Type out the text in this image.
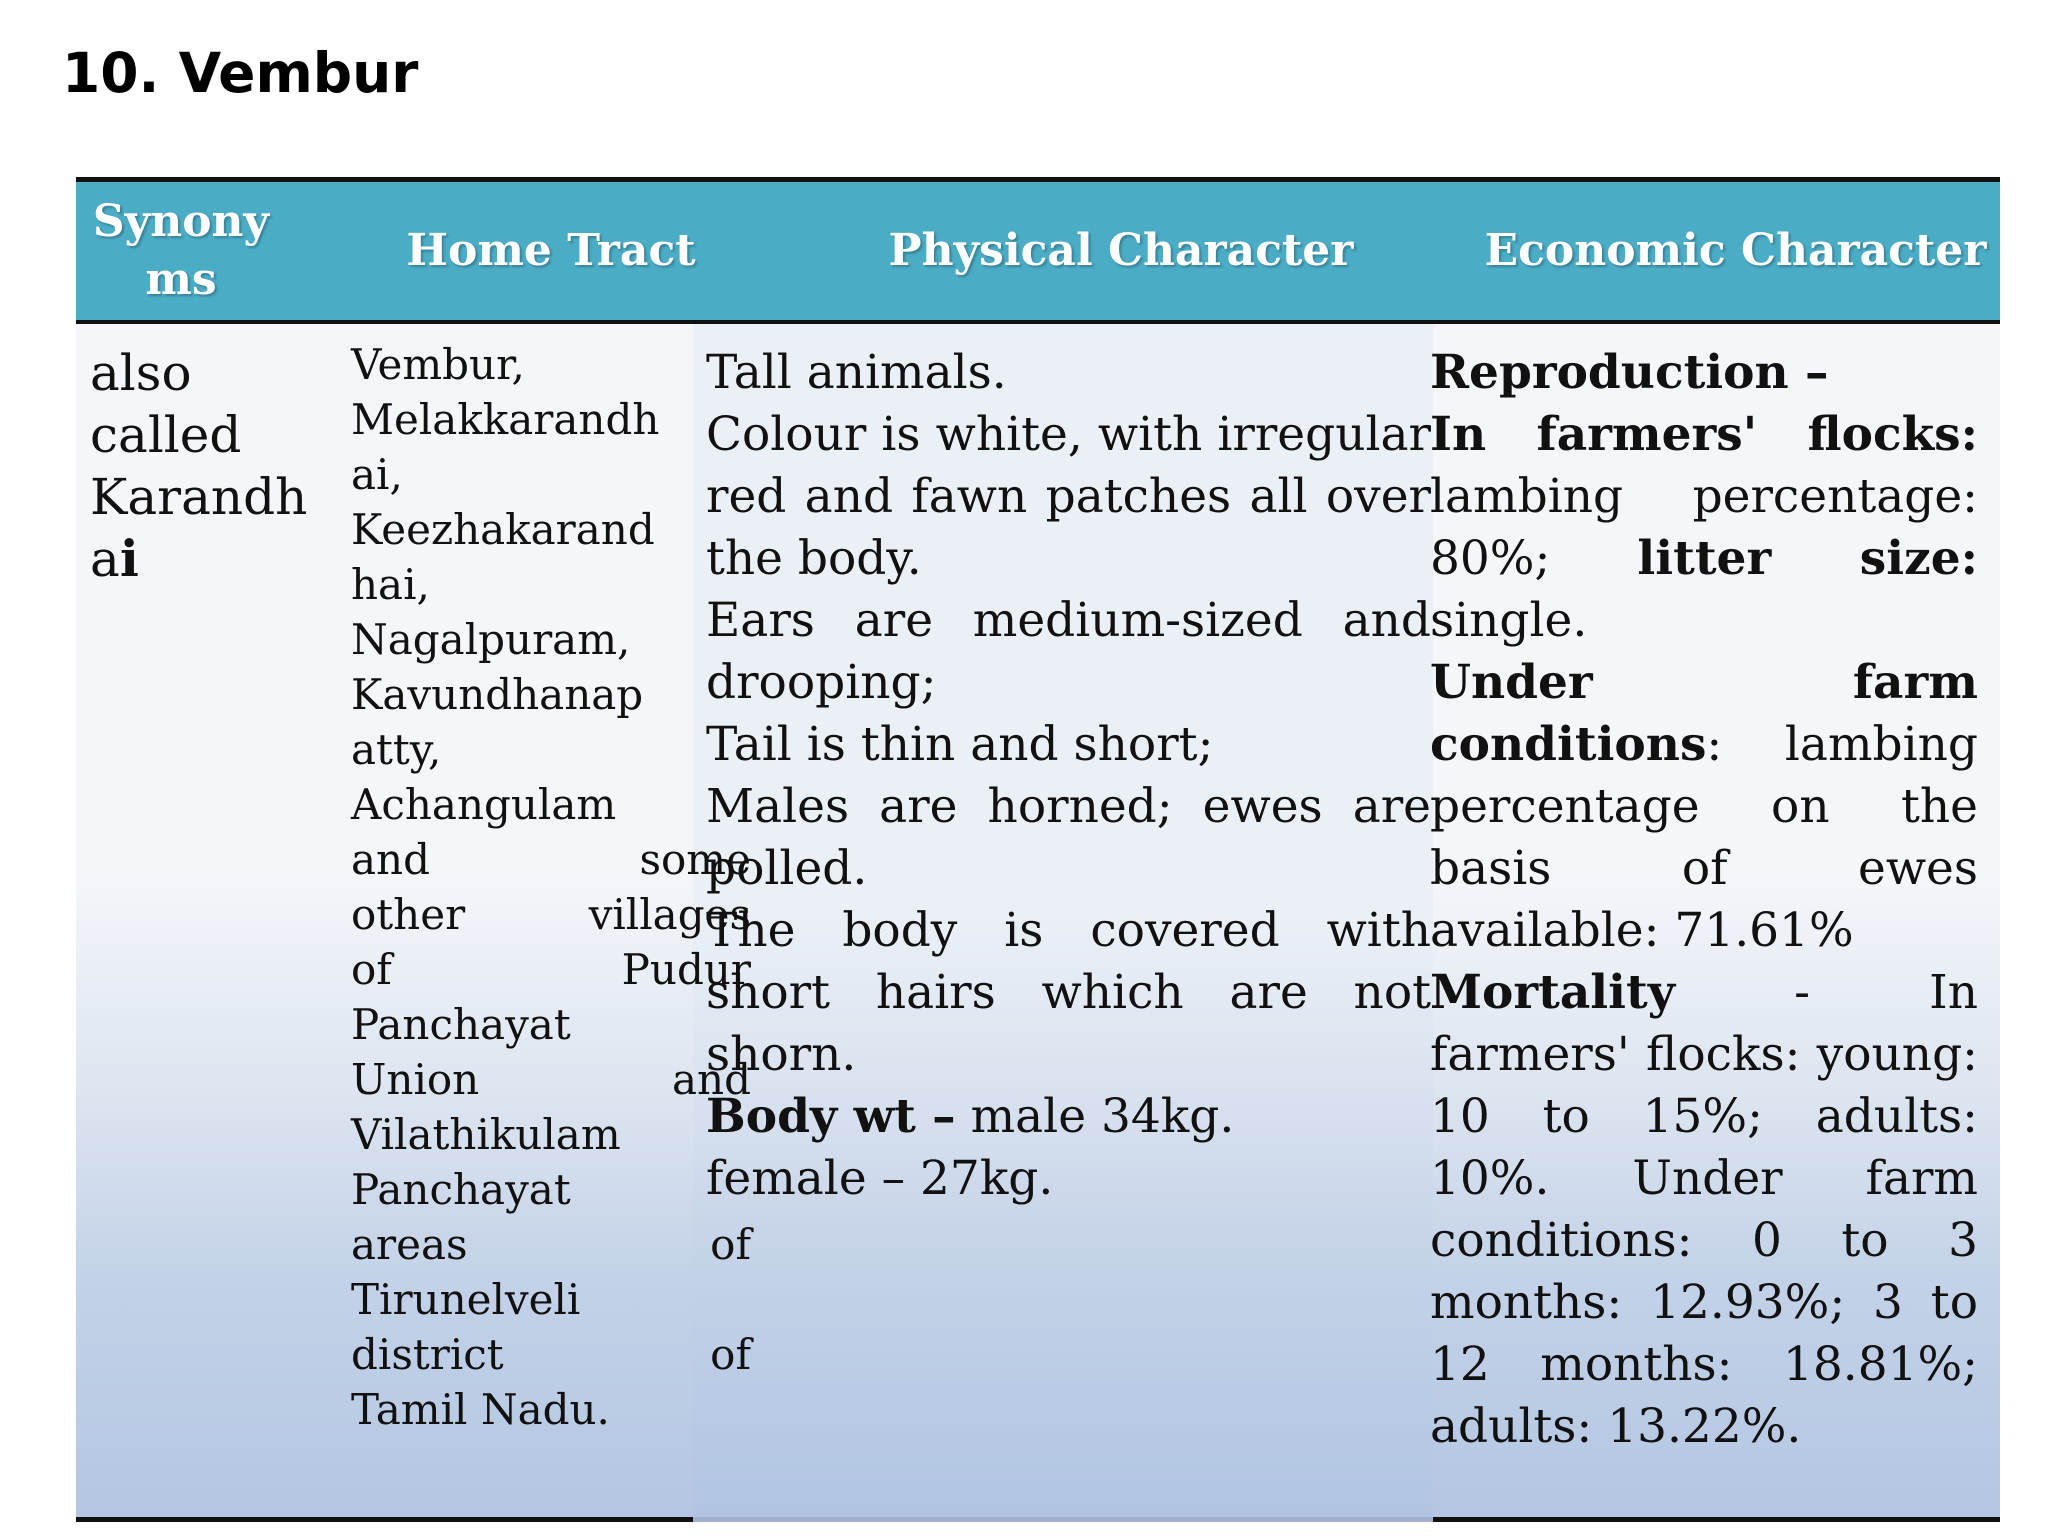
10. Vembur
Synony ms
Home Tract	Physical Character	Economic Character
also
called
Karandh
ai
Vembur,
Melakkarandh
ai,
Keezhakarand
hai,
Nagalpuram,
Kavundhanap
atty,
Achangulam
and some
other villages
of Pudur
Panchayat
Union and
Vilathikulam
Panchayat
areas of
Tirunelveli
district of
Tamil Nadu.

Tall animals.

Colour is white, with irregular red and fawn patches all over the body.

Ears are medium-sized and drooping;

Tail is thin and short;

Males are horned; ewes are polled.

The body is covered with short hairs which are not shorn.

Body wt – male 34kg.

female – 27kg.

Reproduction –

In farmers' flocks: lambing percentage: 80%; litter size: single.

Under farm conditions: lambing percentage on the basis of ewes available: 71.61%

Mortality - In farmers' flocks: young: 10 to 15%; adults: 10%. Under farm conditions: 0 to 3 months: 12.93%; 3 to 12 months: 18.81%; adults: 13.22%.
